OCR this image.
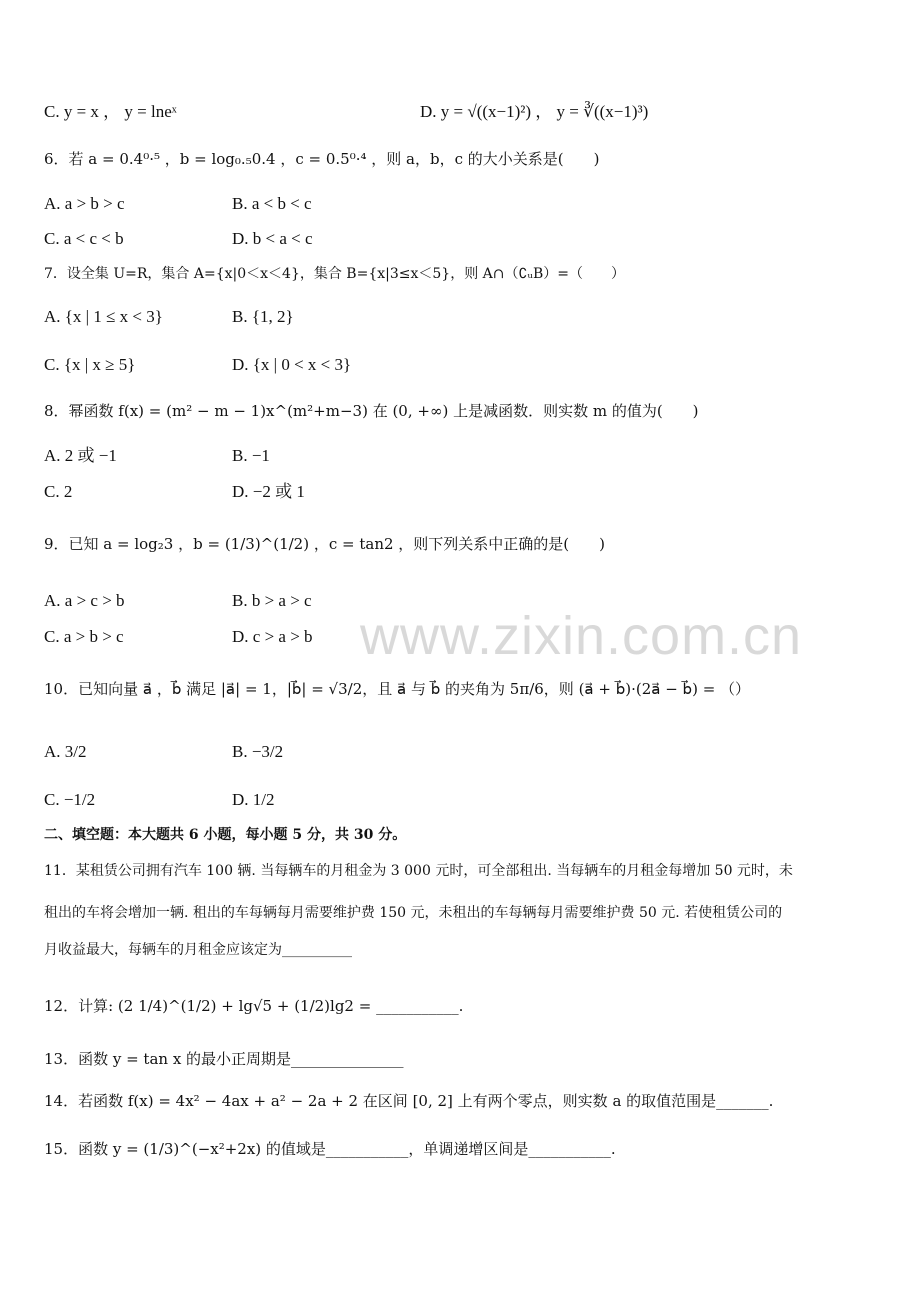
www.zixin.com.cn
C. y = x ， y = lneˣ	D. y = √((x−1)²) ， y = ∛((x−1)³)
6．若 a = 0.4⁰·⁵ ，b = log₀.₅0.4 ，c = 0.5⁰·⁴ ，则 a，b，c 的大小关系是(　　)
A. a > b > c	B. a < b < c
C. a < c < b	D. b < a < c
7．设全集 U=R，集合 A={x|0＜x＜4}，集合 B={x|3≤x＜5}，则 A∩（∁ᵤB）=（　　）
A. {x | 1 ≤ x < 3}	B. {1, 2}
C. {x | x ≥ 5}	D. {x | 0 < x < 3}
8．幂函数 f(x) = (m² − m − 1)x^(m²+m−3) 在 (0, +∞) 上是减函数．则实数 m 的值为(　　)
A. 2 或 −1	B. −1
C. 2	D. −2 或 1
9．已知 a = log₂3 ，b = (1/3)^(1/2) ，c = tan2 ，则下列关系中正确的是(　　)
A. a > c > b	B. b > a > c
C. a > b > c	D. c > a > b
10．已知向量 a⃗ ，b⃗ 满足 |a⃗| = 1，|b⃗| = √3/2，且 a⃗ 与 b⃗ 的夹角为 5π/6，则 (a⃗ + b⃗)·(2a⃗ − b⃗) = （）
A. 3/2	B. −3/2
C. −1/2	D. 1/2
二、填空题：本大题共 6 小题，每小题 5 分，共 30 分。
11．某租赁公司拥有汽车 100 辆. 当每辆车的月租金为 3 000 元时，可全部租出. 当每辆车的月租金每增加 50 元时，未
租出的车将会增加一辆. 租出的车每辆每月需要维护费 150 元，未租出的车每辆每月需要维护费 50 元. 若使租赁公司的
月收益最大，每辆车的月租金应该定为__________
12．计算: (2 1/4)^(1/2) + lg√5 + (1/2)lg2 = ___________.
13．函数 y = tan x 的最小正周期是_______________
14．若函数 f(x) = 4x² − 4ax + a² − 2a + 2 在区间 [0, 2] 上有两个零点，则实数 a 的取值范围是_______.
15．函数 y = (1/3)^(−x²+2x) 的值域是___________，单调递增区间是___________.
